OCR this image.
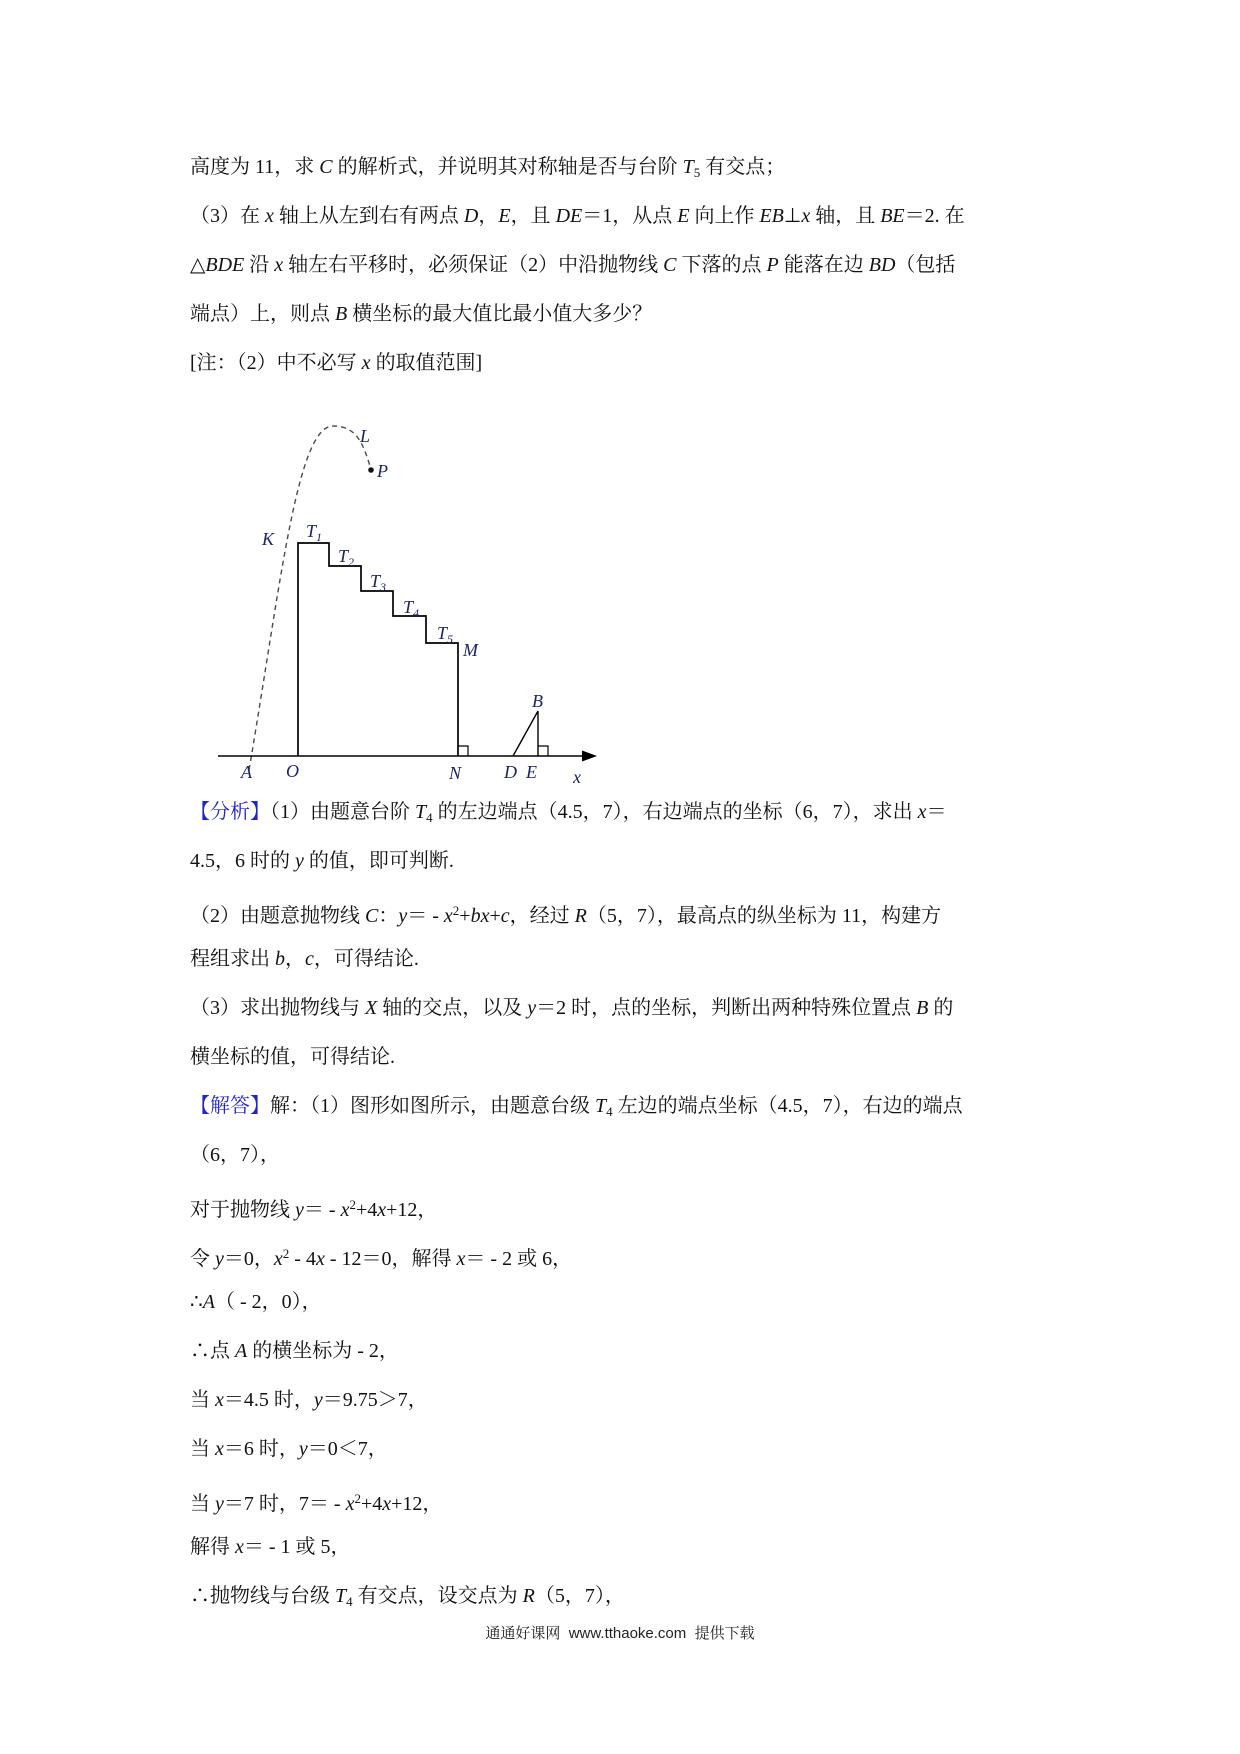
高度为 11，求 C 的解析式，并说明其对称轴是否与台阶 $T_5$ 有交点；
（3）在 x 轴上从左到右有两点 D，E，且 DE＝1，从点 E 向上作 EB⊥x 轴，且 BE＝2. 在
△BDE 沿 x 轴左右平移时，必须保证（2）中沿抛物线 C 下落的点 P 能落在边 BD（包括
端点）上，则点 B 横坐标的最大值比最小值大多少？
[注：（2）中不必写 x 的取值范围]
L
P
K $T_1$
$T_2$
$T_3$
$T_4$
$T_5$
M
B
A O	N D E x
【分析】（1）由题意台阶 $T_4$ 的左边端点（4.5，7），右边端点的坐标（6，7），求出 x＝
4.5，6 时的 y 的值，即可判断.
（2）由题意抛物线 C：$y= - x^2+bx+c$，经过 R（5，7），最高点的纵坐标为 11，构建方
程组求出 b，c，可得结论.
（3）求出抛物线与 X 轴的交点，以及 y＝2 时，点的坐标，判断出两种特殊位置点 B 的
横坐标的值，可得结论.
【解答】解：（1）图形如图所示，由题意台级 $T_4$ 左边的端点坐标（4.5，7），右边的端点
（6，7），
对于抛物线 $y= - x^2+4x+12$，
令 y＝0，$x^2 - 4x - 12=0$，解得 x＝ - 2 或 6，
∴A（ - 2，0），
∴点 A 的横坐标为 - 2，
当 x＝4.5 时，y＝9.75＞7，
当 x＝6 时，y＝0＜7，
当 y＝7 时，$7= - x^2+4x+12$，
解得 x＝ - 1 或 5，
∴抛物线与台级 $T_4$ 有交点，设交点为 R（5，7），
通通好课网  www.tthaoke.com  提供下载
